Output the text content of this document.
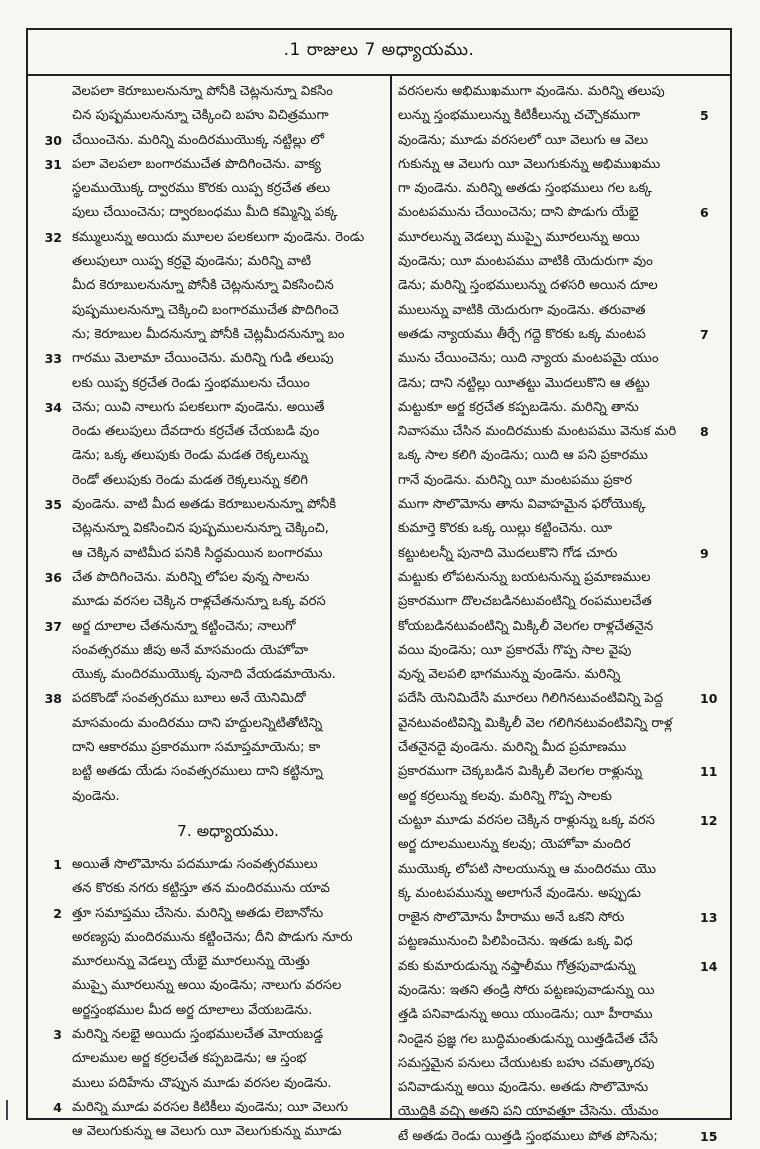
.1 రాజులు 7 అధ్యాయము.
వెలపలా కెరూబులనున్నూ పోనీకి చెట్లనున్నూ వికసిం
చిన పుష్పములనున్నూ చెక్కించి బహు విచిత్రముగా
30 చేయించెను. మరిన్ని మందిరముయొక్క నట్టిల్లు లో
31 పలా వెలపలా బంగారముచేత పొదిగించెను. వాక్య
స్థలముయొక్క ద్వారము కొరకు యిప్ప కర్రచేత తలు
పులు చేయించెను; ద్వారబంధము మీది కమ్మిన్ని పక్క
32 కమ్ములున్ను అయిదు మూలల పలకలుగా వుండెను. రెండు
తలుపులూ యిప్ప కర్రవై వుండెను; మరిన్ని వాటి
మీద కెరూబులనున్నూ పోనీకి చెట్లనున్నూ వికసించిన
పుష్పములనున్నూ చెక్కించి బంగారముచేత పొదిగించె
ను; కెరూబుల మీదనున్నూ పోనీకి చెట్లమీదనున్నూ బం
33 గారము మెలామా చేయించెను. మరిన్ని గుడి తలుపు
లకు యిప్ప కర్రచేత రెండు స్తంభములను చేయిం
34 చెను; యివి నాలుగు పలకలుగా వుండెను. అయితే
రెండు తలుపులు దేవదారు కర్రచేత చేయబడి వుం
డెను; ఒక్క తలుపుకు రెండు మడత రెక్కలున్ను
రెండో తలుపుకు రెండు మడత రెక్కలున్ను కలిగి
35 వుండెను. వాటి మీద అతడు కెరూబులనున్నూ పోనీకి
చెట్లనున్నూ వికసించిన పుష్పములనున్నూ చెక్కించి,
ఆ చెక్కిన వాటిమీద పనికి సిద్ధమయిన బంగారము
36 చేత పొదిగించెను. మరిన్ని లోపల వున్న సాలను
మూడు వరసల చెక్కిన రాళ్లచేతనున్నూ ఒక్క వరస
37 అర్జ దూలాల చేతనున్నూ కట్టించెను; నాలుగో
సంవత్సరము జీపు అనే మాసమందు యెహోవా
యొక్క మందిరముయొక్క పునాది వేయడమాయెను.
38 పదకొండో సంవత్సరము బూలు అనే యెనిమిదో
మాసమందు మందిరము దాని హద్దులన్నిటితోటిన్ని
దాని ఆకారము ప్రకారముగా సమాప్తమాయెను; కా
బట్టి అతడు యేడు సంవత్సరములు దాని కట్టిన్నూ
వుండెను.
7. అధ్యాయము.
1 అయితే సొలొమోను పదమూడు సంవత్సరములు
తన కొరకు నగరు కట్టిస్తూ తన మందిరమును యావ
2 త్తూ సమాప్తము చేసెను. మరిన్ని అతడు లెబానోను
అరణ్యపు మందిరమును కట్టించెను; దీని పొడుగు నూరు
మూరలున్ను వెడల్పు యేభై మూరలున్ను యెత్తు
ముప్పై మూరలున్ను అయి వుండెను; నాలుగు వరసల
అర్జస్తంభముల మీద అర్జ దూలాలు వేయబడెను.
3 మరిన్ని నలభై అయిదు స్తంభములచేత మోయబడ్డ
దూలముల అర్జ కర్రలచేత కప్పబడెను; ఆ స్తంభ
ములు పదిహేను చొప్పున మూడు వరసల వుండెను.
4 మరిన్ని మూడు వరసల కిటికీలు వుండెను; యీ వెలుగు
ఆ వెలుగుకున్ను ఆ వెలుగు యీ వెలుగుకున్ను మూడు
వరసలను అభిముఖముగా వుండెను. మరిన్ని తలుపు
5
లున్ను స్తంభములున్ను కిటికీలున్ను చచ్చౌకముగా
వుండెను; మూడు వరసలలో యీ వెలుగు ఆ వెలు
గుకున్ను ఆ వెలుగు యీ వెలుగుకున్ను అభిముఖము
గా వుండెను. మరిన్ని అతడు స్తంభములు గల ఒక్క
6
మంటపమును చేయించెను; దాని పొడుగు యేభై
మూరలున్ను వెడల్పు ముప్పై మూరలున్ను అయి
వుండెను; యీ మంటపము వాటికి యెదురుగా వుం
డెను; మరిన్ని స్తంభములున్ను దళసరి అయిన దూల
ములున్ను వాటికి యెదురుగా వుండెను. తరువాత
7
అతడు న్యాయము తీర్చే గద్దె కొరకు ఒక్క మంటప
మును చేయించెను; యిది న్యాయ మంటపమై యుం
డెను; దాని నట్టిల్లు యీతట్టు మొదలుకొని ఆ తట్టు
మట్టుకూ అర్జ కర్రచేత కప్పబడెను. మరిన్ని తాను
8
నివాసము చేసిన మందిరముకు మంటపము వెనుక మరి
ఒక్క సాల కలిగి వుండెను; యిది ఆ పని ప్రకారము
గానే వుండెను. మరిన్ని యీ మంటపము ప్రకార
ముగా సొలొమోను తాను వివాహమైన ఫరోయొక్క
కుమార్తె కొరకు ఒక్క యిల్లు కట్టించెను. యీ
9
కట్టుటలన్నీ పునాది మొదలుకొని గోడ చూరు
మట్టుకు లోపటనున్ను బయటనున్ను ప్రమాణముల
ప్రకారముగా దొలచబడినటువంటిన్ని రంపములచేత
కోయబడినటువంటిన్ని మిక్కిలీ వెలగల రాళ్లచేతనైన
వయి వుండెను; యీ ప్రకారమే గొప్ప సాల వైపు
వున్న వెలపలి భాగమున్ను వుండెను. మరిన్ని
10
పదేసి యెనిమిదేసి మూరలు గిలిగినటువంటివిన్ని పెద్ద
వైనటువంటివిన్ని మిక్కిలీ వెల గలిగినటువంటివిన్ని రాళ్ల
చేతనైనదై వుండెను. మరిన్ని మీద ప్రమాణము
11
ప్రకారముగా చెక్కబడిన మిక్కిలీ వెలగల రాళ్లున్ను
అర్జ కర్రలున్ను కలవు. మరిన్ని గొప్ప సాలకు
12
చుట్టూ మూడు వరసల చెక్కిన రాళ్లున్ను ఒక్క వరస
అర్జ దూలములున్ను కలవు; యెహోవా మందిర
ముయొక్క లోపటి సాలయున్ను ఆ మందిరము యొ
క్క మంటపమున్ను అలాగునే వుండెను. అప్పుడు
13
రాజైన సొలొమోను హీరాము అనే ఒకని సోరు
పట్టణమునుంచి పిలిపించెను. ఇతడు ఒక్క విధ
14
వకు కుమారుడున్ను నఫ్తాలీము గోత్రపువాడున్ను
వుండెను: ఇతని తండ్రి సోరు పట్టణపువాడున్ను యి
త్తడి పనివాడున్ను అయి యుండెను; యీ హీరాము
నిండైన ప్రజ్ఞ గల బుద్ధిమంతుడున్ను యిత్తడిచేత చేసే
సమస్తమైన పనులు చేయుటకు బహు చమత్కారపు
పనివాడున్ను అయి వుండెను. అతడు సొలొమోను
యొద్దికి వచ్చి అతని పని యావత్తూ చేసెను. యేమం
15
టే అతడు రెండు యిత్తడి స్తంభములు పోత పోసెను;
